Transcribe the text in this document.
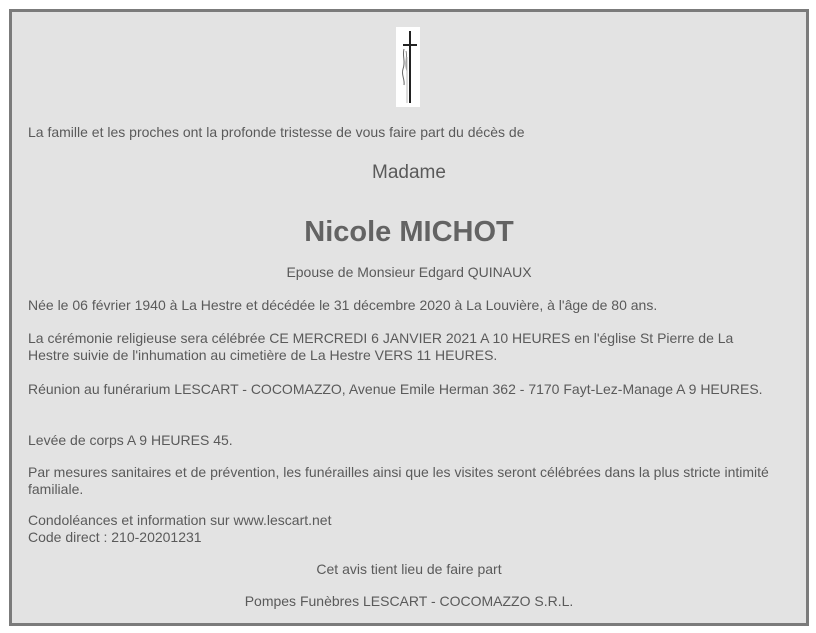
La famille et les proches ont la profonde tristesse de vous faire part du décès de

Madame

Nicole MICHOT

Epouse de Monsieur Edgard QUINAUX

Née le 06 février 1940 à La Hestre et décédée le 31 décembre 2020 à La Louvière, à l'âge de 80 ans.

La cérémonie religieuse sera célébrée CE MERCREDI 6 JANVIER 2021 A 10 HEURES en l'église St Pierre de La Hestre suivie de l'inhumation au cimetière de La Hestre VERS 11 HEURES.

Réunion au funérarium LESCART - COCOMAZZO, Avenue Emile Herman 362 - 7170 Fayt-Lez-Manage A 9 HEURES.

Levée de corps A 9 HEURES 45.

Par mesures sanitaires et de prévention, les funérailles ainsi que les visites seront célébrées dans la plus stricte intimité familiale.

Condoléances et information sur www.lescart.net

Code direct : 210-20201231

Cet avis tient lieu de faire part

Pompes Funèbres LESCART - COCOMAZZO S.R.L.
